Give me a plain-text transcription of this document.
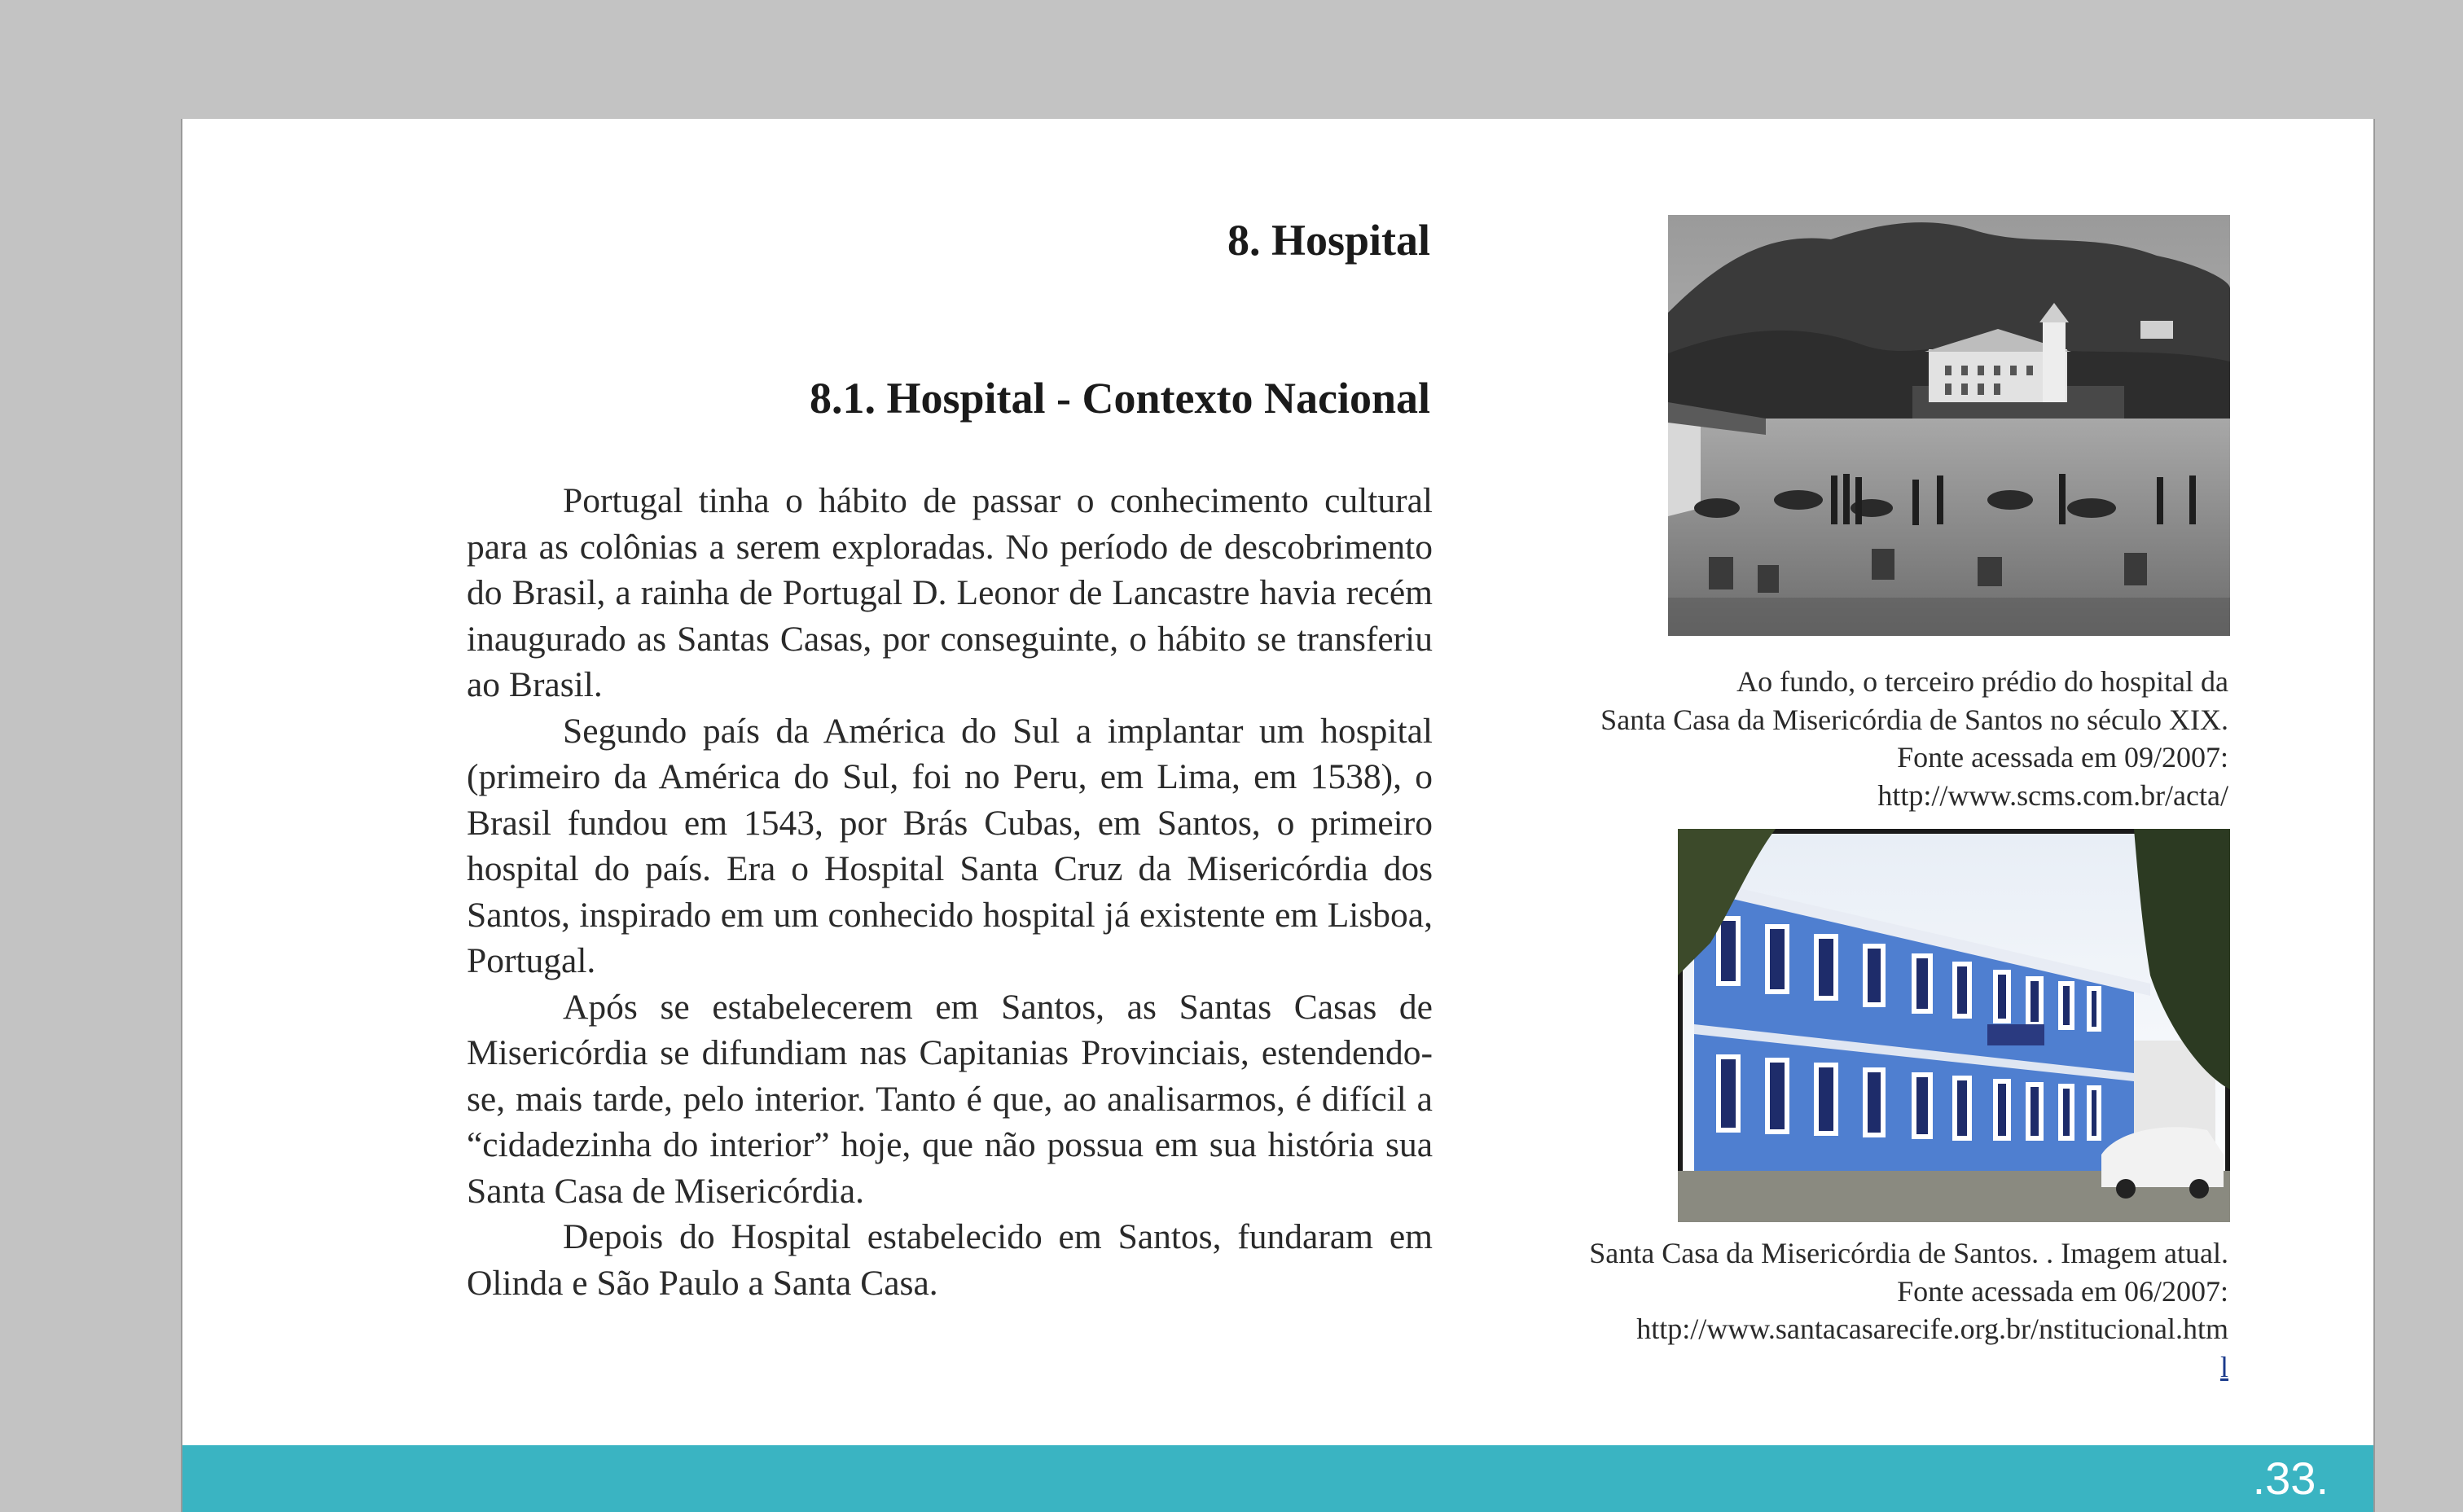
8. Hospital
8.1. Hospital - Contexto Nacional

Portugal tinha o hábito de passar o conhecimento cultural para as colônias a serem exploradas. No período de descobrimento do Brasil, a rainha de Portugal D. Leonor de Lancastre havia recém inaugurado as Santas Casas, por conseguinte, o hábito se transferiu ao Brasil.

Segundo país da América do Sul a implantar um hospital (primeiro da América do Sul, foi no Peru, em Lima, em 1538), o Brasil fundou em 1543, por Brás Cubas, em Santos, o primeiro hospital do país. Era o Hospital Santa Cruz da Misericórdia dos Santos, inspirado em um conhecido hospital já existente em Lisboa, Portugal.

Após se estabelecerem em Santos, as Santas Casas de Misericórdia se difundiam nas Capitanias Provinciais, estendendo-se, mais tarde, pelo interior. Tanto é que, ao analisarmos, é difícil a “cidadezinha do interior” hoje, que não possua em sua história sua Santa Casa de Misericórdia.

Depois do Hospital estabelecido em Santos, fundaram em Olinda e São Paulo a Santa Casa.

Ao fundo, o terceiro prédio do hospital da
Santa Casa da Misericórdia de Santos no século XIX.
Fonte acessada em 09/2007:
http://www.scms.com.br/acta/
Santa Casa da Misericórdia de Santos. . Imagem atual.
Fonte acessada em 06/2007:
http://www.santacasarecife.org.br/nstitucional.htm
l
.33.
